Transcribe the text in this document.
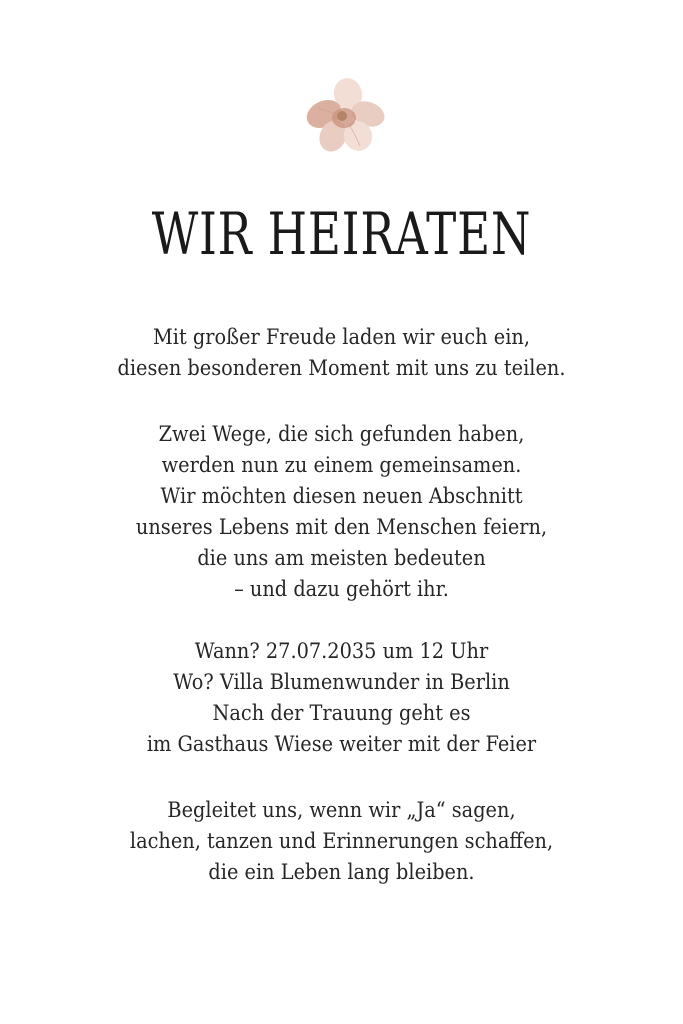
WIR HEIRATEN
Mit großer Freude laden wir euch ein,
diesen besonderen Moment mit uns zu teilen.
Zwei Wege, die sich gefunden haben,
werden nun zu einem gemeinsamen.
Wir möchten diesen neuen Abschnitt
unseres Lebens mit den Menschen feiern,
die uns am meisten bedeuten
– und dazu gehört ihr.
Wann? 27.07.2035 um 12 Uhr
Wo? Villa Blumenwunder in Berlin
Nach der Trauung geht es
im Gasthaus Wiese weiter mit der Feier
Begleitet uns, wenn wir „Ja“ sagen,
lachen, tanzen und Erinnerungen schaffen,
die ein Leben lang bleiben.
